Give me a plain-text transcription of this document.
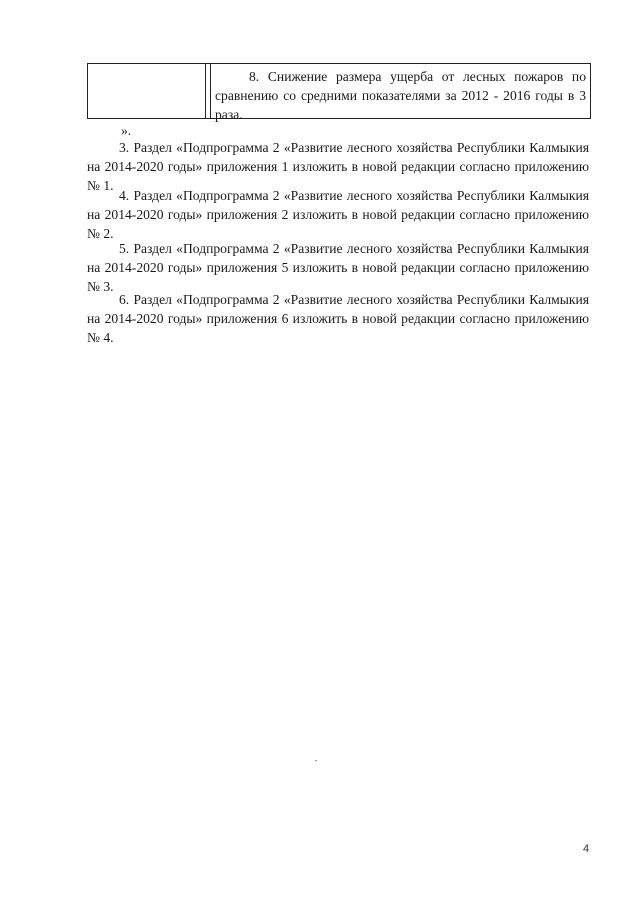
8. Снижение размера ущерба от лесных пожаров по сравнению со средними показателями за 2012 - 2016 годы в 3 раза.
».
3. Раздел «Подпрограмма 2 «Развитие лесного хозяйства Республики Калмыкия на 2014-2020 годы» приложения 1 изложить в новой редакции согласно приложению № 1.
4. Раздел «Подпрограмма 2 «Развитие лесного хозяйства Республики Калмыкия на 2014-2020 годы» приложения 2 изложить в новой редакции согласно приложению № 2.
5. Раздел «Подпрограмма 2 «Развитие лесного хозяйства Республики Калмыкия на 2014-2020 годы» приложения 5 изложить в новой редакции согласно приложению № 3.
6. Раздел «Подпрограмма 2 «Развитие лесного хозяйства Республики Калмыкия на 2014-2020 годы» приложения 6 изложить в новой редакции согласно приложению № 4.
4
